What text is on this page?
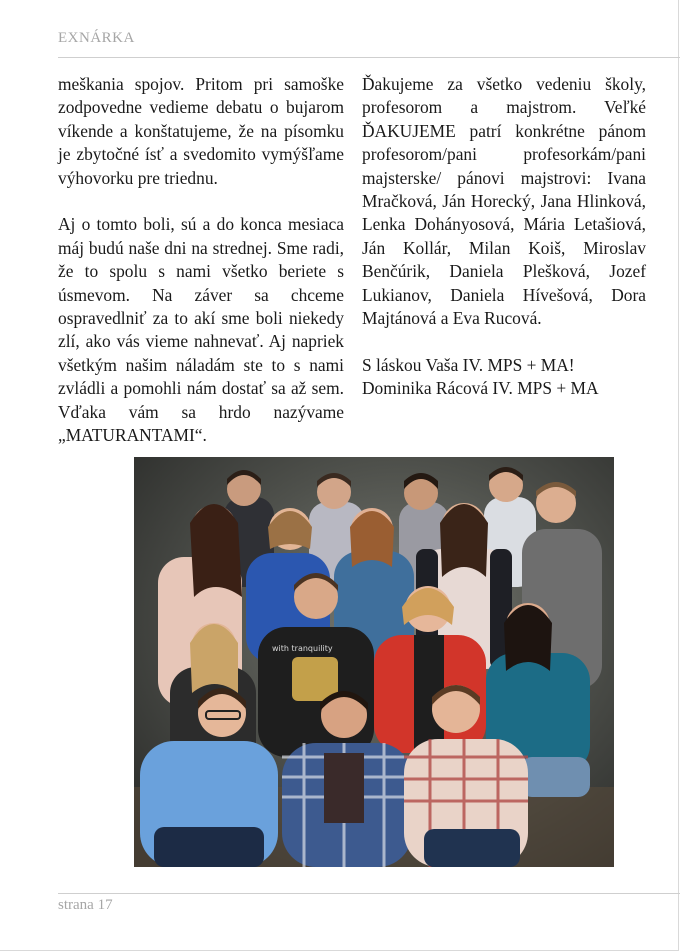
EXNÁRKA

meškania spojov. Pritom pri samoške zodpovedne vedieme debatu o bujarom víkende a konštatujeme, že na písomku je zbytočné ísť a svedomito vymýšľame výhovorku pre triednu.

Aj o tomto boli, sú a do konca mesiaca máj budú naše dni na strednej. Sme radi, že to spolu s nami všetko beriete s úsmevom. Na záver sa chceme ospravedlniť za to akí sme boli niekedy zlí, ako vás vieme nahnevať. Aj napriek všetkým našim náladám ste to s nami zvládli a pomohli nám dostať sa až sem. Vďaka vám sa hrdo nazývame „MATURANTAMI“.

Ďakujeme za všetko vedeniu školy, profesorom a majstrom. Veľké ĎAKUJEME patrí konkrétne pánom profesorom/pani profesorkám/pani majsterske/ pánovi majstrovi: Ivana Mračková, Ján Horecký, Jana Hlinková, Lenka Dohányosová, Mária Letašiová, Ján Kollár, Milan Koiš, Miroslav Benčúrik, Daniela Plešková, Jozef Lukianov, Daniela Hívešová, Dora Majtánová a Eva Rucová.

S láskou Vaša IV. MPS + MA!
Dominika Rácová IV. MPS + MA
with tranquility
strana 17
